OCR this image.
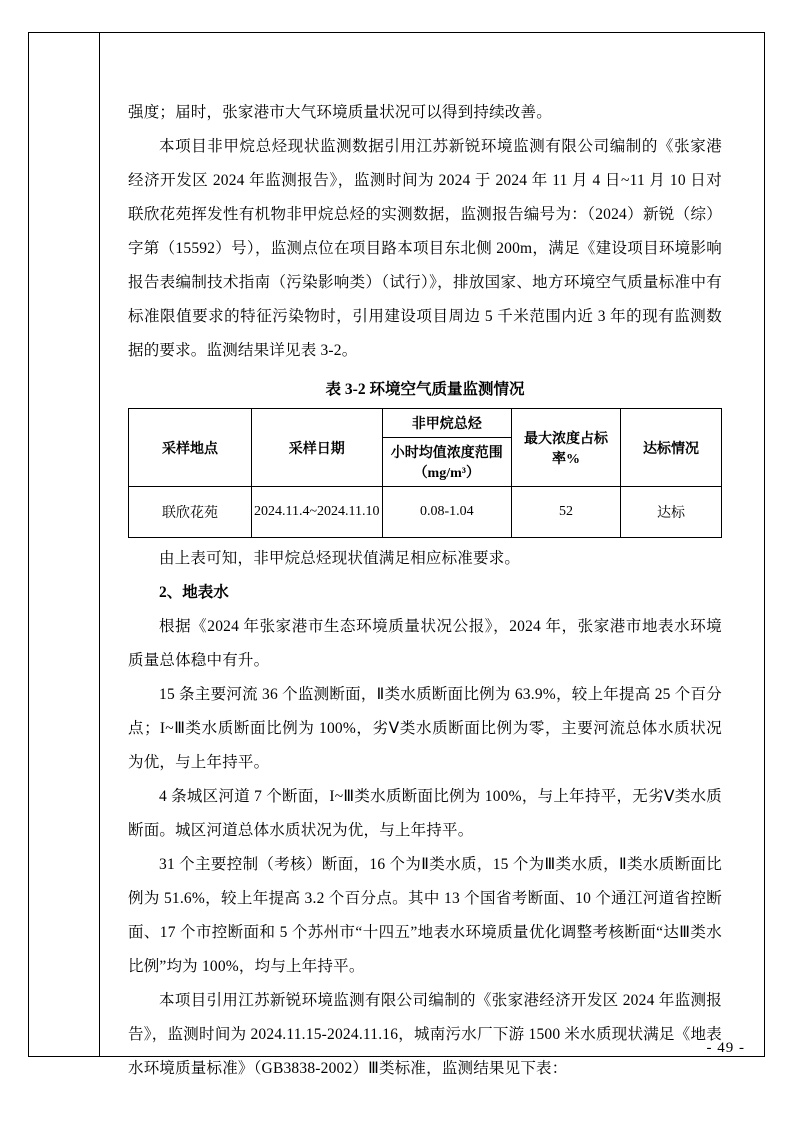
强度；届时，张家港市大气环境质量状况可以得到持续改善。

本项目非甲烷总烃现状监测数据引用江苏新锐环境监测有限公司编制的《张家港经济开发区 2024 年监测报告》，监测时间为 2024 于 2024 年 11 月 4 日~11 月 10 日对联欣花苑挥发性有机物非甲烷总烃的实测数据，监测报告编号为：（2024）新锐（综）字第（15592）号），监测点位在项目路本项目东北侧 200m，满足《建设项目环境影响报告表编制技术指南（污染影响类）（试行）》，排放国家、地方环境空气质量标准中有标准限值要求的特征污染物时，引用建设项目周边 5 千米范围内近 3 年的现有监测数据的要求。监测结果详见表 3-2。

表 3-2 环境空气质量监测情况
采样地点	采样日期	非甲烷总烃	最大浓度占标率%	达标情况
		小时均值浓度范围（mg/m³）		
联欣花苑	2024.11.4~2024.11.10	0.08-1.04	52	达标

由上表可知，非甲烷总烃现状值满足相应标准要求。

2、地表水

根据《2024 年张家港市生态环境质量状况公报》，2024 年，张家港市地表水环境质量总体稳中有升。

15 条主要河流 36 个监测断面，Ⅱ类水质断面比例为 63.9%，较上年提高 25 个百分点；I~Ⅲ类水质断面比例为 100%，劣Ⅴ类水质断面比例为零，主要河流总体水质状况为优，与上年持平。

4 条城区河道 7 个断面，I~Ⅲ类水质断面比例为 100%，与上年持平，无劣Ⅴ类水质断面。城区河道总体水质状况为优，与上年持平。

31 个主要控制（考核）断面，16 个为Ⅱ类水质，15 个为Ⅲ类水质，Ⅱ类水质断面比例为 51.6%，较上年提高 3.2 个百分点。其中 13 个国省考断面、10 个通江河道省控断面、17 个市控断面和 5 个苏州市“十四五”地表水环境质量优化调整考核断面“达Ⅲ类水比例”均为 100%，均与上年持平。

本项目引用江苏新锐环境监测有限公司编制的《张家港经济开发区 2024 年监测报告》，监测时间为 2024.11.15-2024.11.16，城南污水厂下游 1500 米水质现状满足《地表水环境质量标准》（GB3838-2002）Ⅲ类标准，监测结果见下表：

- 49 -
